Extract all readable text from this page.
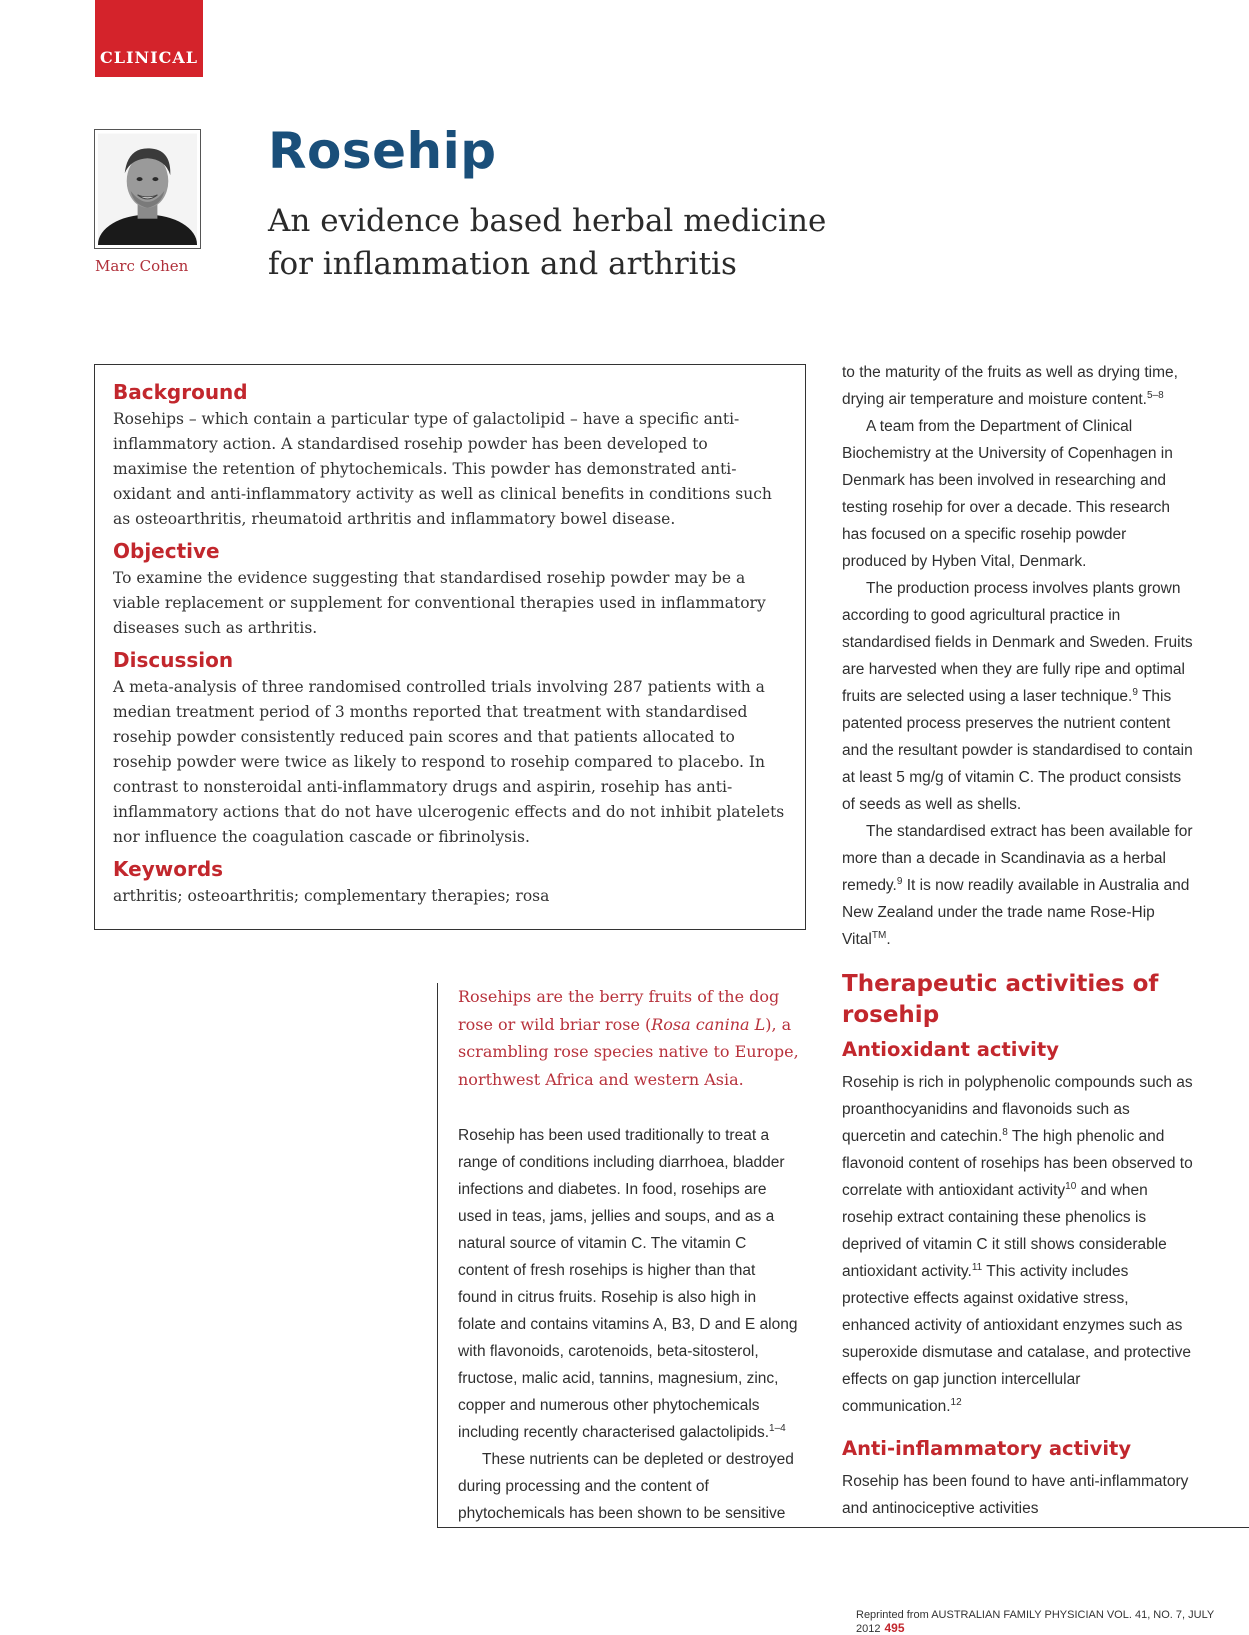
CLINICAL
Marc Cohen
Rosehip
An evidence based herbal medicine
for inflammation and arthritis
Background

Rosehips – which contain a particular type of galactolipid – have a specific anti-inflammatory action. A standardised rosehip powder has been developed to maximise the retention of phytochemicals. This powder has demonstrated anti-oxidant and anti-inflammatory activity as well as clinical benefits in conditions such as osteoarthritis, rheumatoid arthritis and inflammatory bowel disease.

Objective

To examine the evidence suggesting that standardised rosehip powder may be a viable replacement or supplement for conventional therapies used in inflammatory diseases such as arthritis.

Discussion

A meta-analysis of three randomised controlled trials involving 287 patients with a median treatment period of 3 months reported that treatment with standardised rosehip powder consistently reduced pain scores and that patients allocated to rosehip powder were twice as likely to respond to rosehip compared to placebo. In contrast to nonsteroidal anti-inflammatory drugs and aspirin, rosehip has anti-inflammatory actions that do not have ulcerogenic effects and do not inhibit platelets nor influence the coagulation cascade or fibrinolysis.

Keywords

arthritis; osteoarthritis; complementary therapies; rosa

Rosehips are the berry fruits of the dog rose or wild briar rose (Rosa canina L), a scrambling rose species native to Europe, northwest Africa and western Asia.

Rosehip has been used traditionally to treat a range of conditions including diarrhoea, bladder infections and diabetes. In food, rosehips are used in teas, jams, jellies and soups, and as a natural source of vitamin C. The vitamin C content of fresh rosehips is higher than that found in citrus fruits. Rosehip is also high in folate and contains vitamins A, B3, D and E along with flavonoids, carotenoids, beta-sitosterol, fructose, malic acid, tannins, magnesium, zinc, copper and numerous other phytochemicals including recently characterised galactolipids.$^{1-4}$

These nutrients can be depleted or destroyed during processing and the content of phytochemicals has been shown to be sensitive

to the maturity of the fruits as well as drying time, drying air temperature and moisture content.$^{5-8}$

A team from the Department of Clinical Biochemistry at the University of Copenhagen in Denmark has been involved in researching and testing rosehip for over a decade. This research has focused on a specific rosehip powder produced by Hyben Vital, Denmark.

The production process involves plants grown according to good agricultural practice in standardised fields in Denmark and Sweden. Fruits are harvested when they are fully ripe and optimal fruits are selected using a laser technique.$^9$ This patented process preserves the nutrient content and the resultant powder is standardised to contain at least 5 mg/g of vitamin C. The product consists of seeds as well as shells.

The standardised extract has been available for more than a decade in Scandinavia as a herbal remedy.$^9$ It is now readily available in Australia and New Zealand under the trade name Rose-Hip Vital™.

Therapeutic activities of rosehip
Antioxidant activity

Rosehip is rich in polyphenolic compounds such as proanthocyanidins and flavonoids such as quercetin and catechin.$^8$ The high phenolic and flavonoid content of rosehips has been observed to correlate with antioxidant activity$^{10}$ and when rosehip extract containing these phenolics is deprived of vitamin C it still shows considerable antioxidant activity.$^{11}$ This activity includes protective effects against oxidative stress, enhanced activity of antioxidant enzymes such as superoxide dismutase and catalase, and protective effects on gap junction intercellular communication.$^{12}$

Anti-inflammatory activity

Rosehip has been found to have anti-inflammatory and antinociceptive activities

Reprinted from AUSTRALIAN FAMILY PHYSICIAN VOL. 41, NO. 7, JULY 2012 495
